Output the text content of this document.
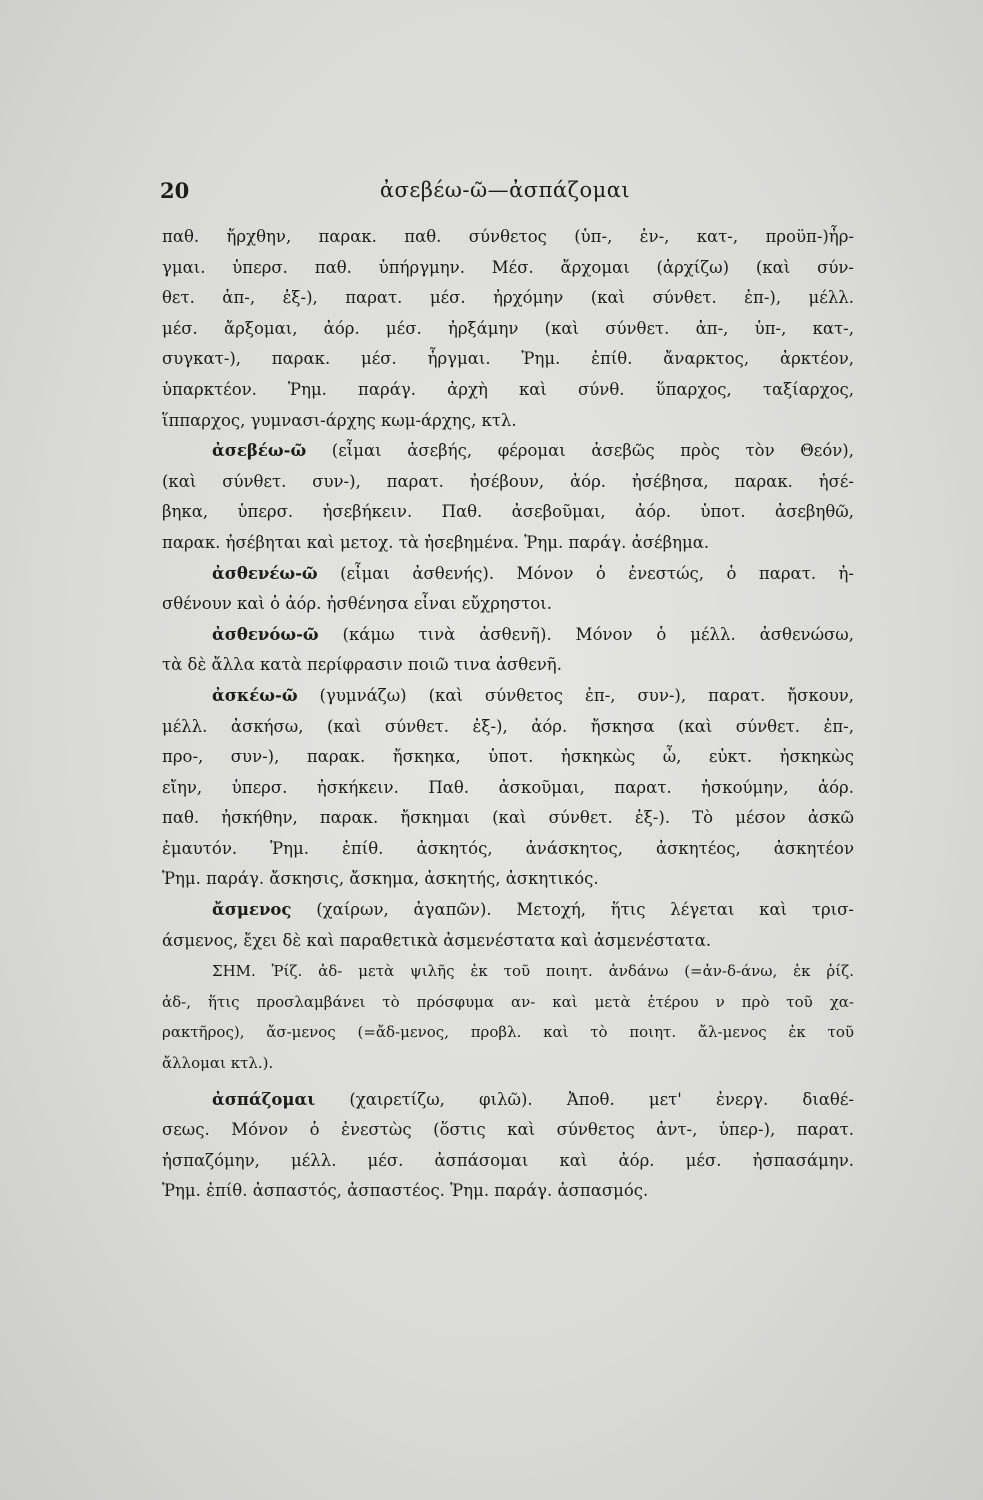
20	ἀσεβέω-ῶ—ἀσπάζομαι
παθ. ἤρχθην, παρακ. παθ. σύνθετος (ὑπ-, ἐν-, κατ-, προϋπ-)ἦρ-
γμαι. ὑπερσ. παθ. ὑπήργμην. Μέσ. ἄρχομαι (ἀρχίζω) (καὶ σύν-
θετ. ἀπ-, ἐξ-), παρατ. μέσ. ἠρχόμην (καὶ σύνθετ. ἐπ-), μέλλ.
μέσ. ἄρξομαι, ἀόρ. μέσ. ἠρξάμην (καὶ σύνθετ. ἀπ-, ὑπ-, κατ-,
συγκατ-), παρακ. μέσ. ἦργμαι. Ῥημ. ἐπίθ. ἄναρκτος, ἀρκτέον,
ὑπαρκτέον. Ῥημ. παράγ. ἀρχὴ καὶ σύνθ. ὕπαρχος, ταξίαρχος,
ἵππαρχος, γυμνασι-άρχης κωμ-άρχης, κτλ.
ἀσεβέω-ῶ (εἶμαι ἀσεβής, φέρομαι ἀσεβῶς πρὸς τὸν Θεόν),
(καὶ σύνθετ. συν-), παρατ. ἠσέβουν, ἀόρ. ἠσέβησα, παρακ. ἠσέ-
βηκα, ὑπερσ. ἠσεβήκειν. Παθ. ἀσεβοῦμαι, ἀόρ. ὑποτ. ἀσεβηθῶ,
παρακ. ἠσέβηται καὶ μετοχ. τὰ ἠσεβημένα. Ῥημ. παράγ. ἀσέβημα.
ἀσθενέω-ῶ (εἶμαι ἀσθενής). Μόνον ὁ ἐνεστώς, ὁ παρατ. ἠ-
σθένουν καὶ ὁ ἀόρ. ἠσθένησα εἶναι εὔχρηστοι.
ἀσθενόω-ῶ (κάμω τινὰ ἀσθενῆ). Μόνον ὁ μέλλ. ἀσθενώσω,
τὰ δὲ ἄλλα κατὰ περίφρασιν ποιῶ τινα ἀσθενῆ.
ἀσκέω-ῶ (γυμνάζω) (καὶ σύνθετος ἐπ-, συν-), παρατ. ἤσκουν,
μέλλ. ἀσκήσω, (καὶ σύνθετ. ἐξ-), ἀόρ. ἤσκησα (καὶ σύνθετ. ἐπ-,
προ-, συν-), παρακ. ἤσκηκα, ὑποτ. ἠσκηκὼς ὦ, εὐκτ. ἠσκηκὼς
εἴην, ὑπερσ. ἠσκήκειν. Παθ. ἀσκοῦμαι, παρατ. ἠσκούμην, ἀόρ.
παθ. ἠσκήθην, παρακ. ἤσκημαι (καὶ σύνθετ. ἐξ-). Τὸ μέσον ἀσκῶ
ἐμαυτόν. Ῥημ. ἐπίθ. ἀσκητός, ἀνάσκητος, ἀσκητέος, ἀσκητέον
Ῥημ. παράγ. ἄσκησις, ἄσκημα, ἀσκητής, ἀσκητικός.
ἄσμενος (χαίρων, ἀγαπῶν). Μετοχή, ἥτις λέγεται καὶ τρισ-
άσμενος, ἔχει δὲ καὶ παραθετικὰ ἀσμενέστατα καὶ ἀσμενέστατα.
ΣΗΜ. Ῥίζ. ἀδ- μετὰ ψιλῆς ἐκ τοῦ ποιητ. ἁνδάνω (=ἀν-δ-άνω, ἐκ ῥίζ.
ἀδ-, ἥτις προσλαμβάνει τὸ πρόσφυμα αν- καὶ μετὰ ἑτέρου ν πρὸ τοῦ χα-
ρακτῆρος), ἄσ-μενος (=ἄδ-μενος, προβλ. καὶ τὸ ποιητ. ἄλ-μενος ἐκ τοῦ
ἄλλομαι κτλ.).
ἀσπάζομαι (χαιρετίζω, φιλῶ). Ἀποθ. μετ' ἐνεργ. διαθέ-
σεως. Μόνον ὁ ἐνεστὼς (ὅστις καὶ σύνθετος ἀντ-, ὑπερ-), παρατ.
ἠσπαζόμην, μέλλ. μέσ. ἀσπάσομαι καὶ ἀόρ. μέσ. ἠσπασάμην.
Ῥημ. ἐπίθ. ἀσπαστός, ἀσπαστέος. Ῥημ. παράγ. ἀσπασμός.
